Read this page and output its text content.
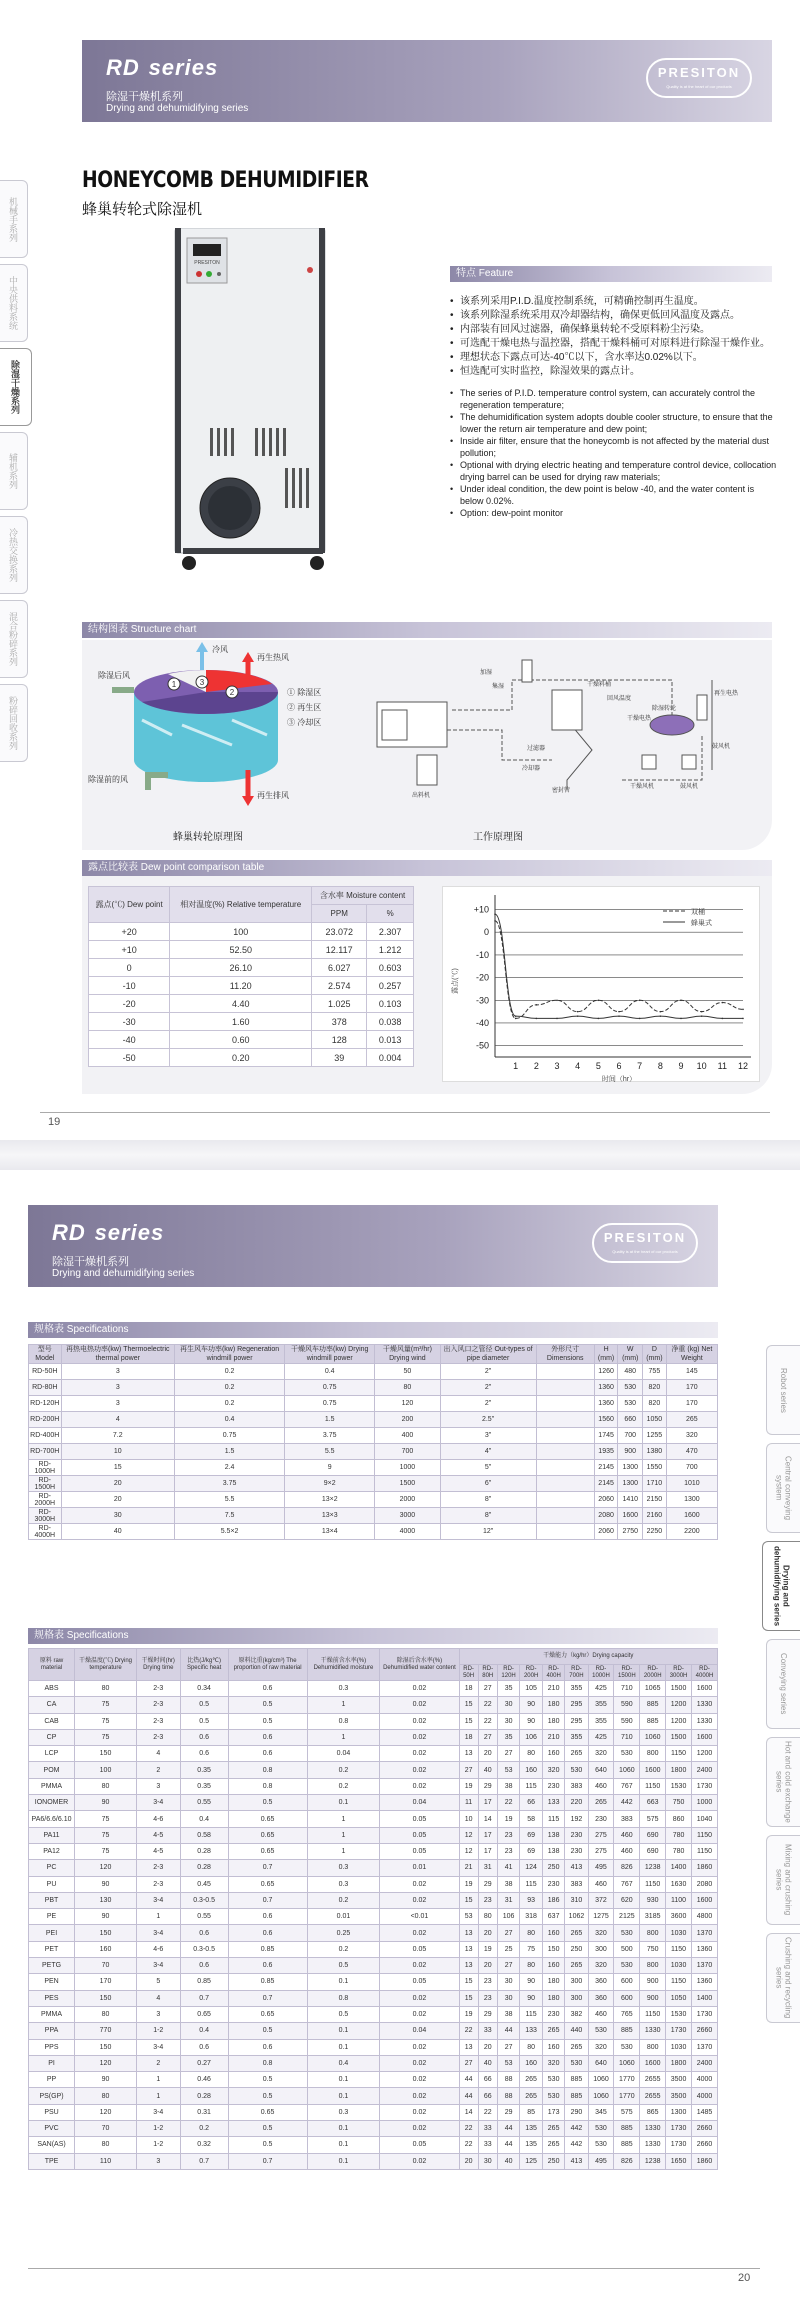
RD series
除湿干燥机系列
Drying and dehumidifying series
PRESITON
Quality is at the heart of our products
机械手系列
中央供料系统
除湿干燥系列
辅机系列
冷热交换系列
混合粉碎系列
粉碎回收系列
HONEYCOMB DEHUMIDIFIER
蜂巢转轮式除湿机
PRESITON
特点 Feature
• 该系列采用P.I.D.温度控制系统，可精确控制再生温度。
• 该系列除湿系统采用双冷却器结构，确保更低回风温度及露点。
• 内部装有回风过滤器，确保蜂巢转轮不受原料粉尘污染。
• 可选配干燥电热与温控器，搭配干燥料桶可对原料进行除湿干燥作业。
• 理想状态下露点可达-40℃以下，含水率达0.02%以下。
• 恒选配可实时监控，除湿效果的露点计。
• The series of P.I.D. temperature control system, can accurately control the regeneration temperature;
• The dehumidification system adopts double cooler structure, to ensure that the lower the return air temperature and dew point;
• Inside air filter, ensure that the honeycomb is not affected by the material dust pollution;
• Optional with drying electric heating and temperature control device, collocation drying barrel can be used for drying raw materials;
• Under ideal condition, the dew point is below -40, and the water content is below 0.02%.
• Option: dew-point monitor
结构图表 Structure chart
1	3
2
冷风
再生热风
除湿后风
除湿前的风
再生排风
① 除湿区
② 再生区
③ 冷却区
蜂巢转轮原理图
加湿
集湿	干燥料桶
回风温度
出料机
密封管
过滤器
除湿转轮
干燥电热
冷却器
再生电热
鼓风机
干燥风机	鼓风机
工作原理图
露点比较表 Dew point comparison table
露点(℃) Dew point	相对温度(%) Relative temperature	含水率 Moisture content	
		PPM	%
+20	100	23.072	2.307
+10	52.50	12.117	1.212
0	26.10	6.027	0.603
-10	11.20	2.574	0.257
-20	4.40	1.025	0.103
-30	1.60	378	0.038
-40	0.60	128	0.013
-50	0.20	39	0.004
+10
0
-10
-20
-30
-40
-50
1 2 3 4 5 6 7 8 9 10 11 12
时间（hr）
露点(℃)
双桶
蜂巢式
19
RD series
除湿干燥机系列
Drying and dehumidifying series
PRESITON
Quality is at the heart of our products
Robot series
Central conveying system
Drying and dehumidifying series
Conveying series
Hot and cold exchange series
Mixing and crushing series
Crushing and recycling series
规格表 Specifications
型号 Model	再热电热功率(kw) Thermoelectric thermal power	再生风车功率(kw) Regeneration windmill power	干燥风车功率(kw) Drying windmill power	干燥风量(m³/hr) Drying wind	出入风口之管径 Out-types of pipe diameter	外形尺寸 Dimensions	H (mm)	W (mm)	D (mm)	净重 (kg) Net Weight
RD-50H	3	0.2	0.4	50	2"		1260	480	755	145
RD-80H	3	0.2	0.75	80	2"		1360	530	820	170
RD-120H	3	0.2	0.75	120	2"		1360	530	820	170
RD-200H	4	0.4	1.5	200	2.5"		1560	660	1050	265
RD-400H	7.2	0.75	3.75	400	3"		1745	700	1255	320
RD-700H	10	1.5	5.5	700	4"		1935	900	1380	470
RD-1000H	15	2.4	9	1000	5"		2145	1300	1550	700
RD-1500H	20	3.75	9×2	1500	6"		2145	1300	1710	1010
RD-2000H	20	5.5	13×2	2000	8"		2060	1410	2150	1300
RD-3000H	30	7.5	13×3	3000	8"		2080	1600	2160	1600
RD-4000H	40	5.5×2	13×4	4000	12"		2060	2750	2250	2200
规格表 Specifications
原料 raw material	干燥温度(℃) Drying temperature	干燥时间(hr) Drying time	比热(J/kg℃) Specific heat	原料比重(kg/cm³) The proportion of raw material	干燥前含水率(%) Dehumidified moisture	除湿后含水率(%) Dehumidified water content	干燥能力（kg/hr）Drying capacity										
							RD-50H	RD-80H	RD-120H	RD-200H	RD-400H	RD-700H	RD-1000H	RD-1500H	RD-2000H	RD-3000H	RD-4000H
ABS	80	2-3	0.34	0.6	0.3	0.02	18	27	35	105	210	355	425	710	1065	1500	1600
CA	75	2-3	0.5	0.5	1	0.02	15	22	30	90	180	295	355	590	885	1200	1330
CAB	75	2-3	0.5	0.5	0.8	0.02	15	22	30	90	180	295	355	590	885	1200	1330
CP	75	2-3	0.6	0.6	1	0.02	18	27	35	106	210	355	425	710	1060	1500	1600
LCP	150	4	0.6	0.6	0.04	0.02	13	20	27	80	160	265	320	530	800	1150	1200
POM	100	2	0.35	0.8	0.2	0.02	27	40	53	160	320	530	640	1060	1600	1800	2400
PMMA	80	3	0.35	0.8	0.2	0.02	19	29	38	115	230	383	460	767	1150	1530	1730
IONOMER	90	3-4	0.55	0.5	0.1	0.04	11	17	22	66	133	220	265	442	663	750	1000
PA6/6.6/6.10	75	4-6	0.4	0.65	1	0.05	10	14	19	58	115	192	230	383	575	860	1040
PA11	75	4-5	0.58	0.65	1	0.05	12	17	23	69	138	230	275	460	690	780	1150
PA12	75	4-5	0.28	0.65	1	0.05	12	17	23	69	138	230	275	460	690	780	1150
PC	120	2-3	0.28	0.7	0.3	0.01	21	31	41	124	250	413	495	826	1238	1400	1860
PU	90	2-3	0.45	0.65	0.3	0.02	19	29	38	115	230	383	460	767	1150	1630	2080
PBT	130	3-4	0.3-0.5	0.7	0.2	0.02	15	23	31	93	186	310	372	620	930	1100	1600
PE	90	1	0.55	0.6	0.01	<0.01	53	80	106	318	637	1062	1275	2125	3185	3600	4800
PEI	150	3-4	0.6	0.6	0.25	0.02	13	20	27	80	160	265	320	530	800	1030	1370
PET	160	4-6	0.3-0.5	0.85	0.2	0.05	13	19	25	75	150	250	300	500	750	1150	1360
PETG	70	3-4	0.6	0.6	0.5	0.02	13	20	27	80	160	265	320	530	800	1030	1370
PEN	170	5	0.85	0.85	0.1	0.05	15	23	30	90	180	300	360	600	900	1150	1360
PES	150	4	0.7	0.7	0.8	0.02	15	23	30	90	180	300	360	600	900	1050	1400
PMMA	80	3	0.65	0.65	0.5	0.02	19	29	38	115	230	382	460	765	1150	1530	1730
PPA	770	1-2	0.4	0.5	0.1	0.04	22	33	44	133	265	440	530	885	1330	1730	2660
PPS	150	3-4	0.6	0.6	0.1	0.02	13	20	27	80	160	265	320	530	800	1030	1370
PI	120	2	0.27	0.8	0.4	0.02	27	40	53	160	320	530	640	1060	1600	1800	2400
PP	90	1	0.46	0.5	0.1	0.02	44	66	88	265	530	885	1060	1770	2655	3500	4000
PS(GP)	80	1	0.28	0.5	0.1	0.02	44	66	88	265	530	885	1060	1770	2655	3500	4000
PSU	120	3-4	0.31	0.65	0.3	0.02	14	22	29	85	173	290	345	575	865	1300	1485
PVC	70	1-2	0.2	0.5	0.1	0.02	22	33	44	135	265	442	530	885	1330	1730	2660
SAN(AS)	80	1-2	0.32	0.5	0.1	0.05	22	33	44	135	265	442	530	885	1330	1730	2660
TPE	110	3	0.7	0.7	0.1	0.02	20	30	40	125	250	413	495	826	1238	1650	1860
20
